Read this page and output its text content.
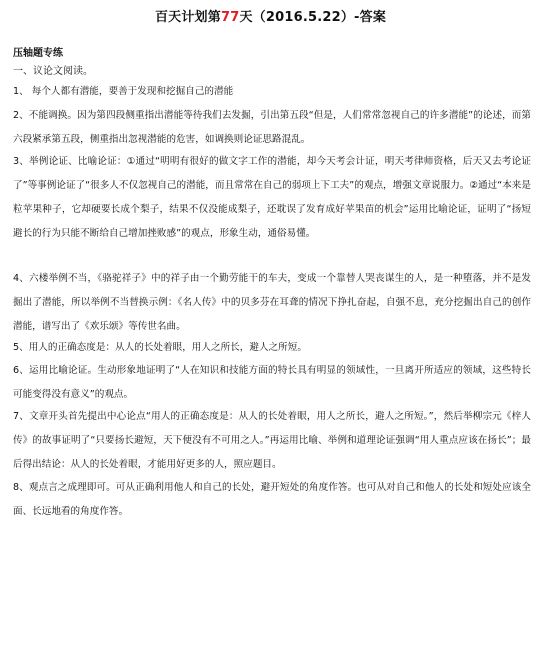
百天计划第77天（2016.5.22）-答案
压轴题专练
一、议论文阅读。
1、 每个人都有潜能，要善于发现和挖掘自己的潜能
2、不能调换。因为第四段侧重指出潜能等待我们去发掘，引出第五段“但是，人们常常忽视自己的许多潜能”的论述，而第六段紧承第五段，侧重指出忽视潜能的危害，如调换则论证思路混乱。
3、举例论证、比喻论证：①通过“明明有很好的做文字工作的潜能，却今天考会计证，明天考律师资格，后天又去考论证了”等事例论证了“很多人不仅忽视自己的潜能，而且常常在自己的弱项上下工夫”的观点，增强文章说服力。②通过“本来是粒苹果种子，它却硬要长成个梨子，结果不仅没能成梨子，还耽误了发育成好苹果苗的机会”运用比喻论证，证明了“扬短避长的行为只能不断给自己增加挫败感”的观点，形象生动，通俗易懂。
4、六楼举例不当，《骆驼祥子》中的祥子由一个勤劳能干的车夫，变成一个靠替人哭丧谋生的人，是一种堕落，并不是发掘出了潜能，所以举例不当替换示例：《名人传》中的贝多芬在耳聋的情况下挣扎奋起，自强不息，充分挖掘出自己的创作潜能，谱写出了《欢乐颂》等传世名曲。
5、用人的正确态度是：从人的长处着眼，用人之所长，避人之所短。
6、运用比喻论证。生动形象地证明了“人在知识和技能方面的特长具有明显的领域性，一旦离开所适应的领域，这些特长可能变得没有意义”的观点。
7、文章开头首先提出中心论点“用人的正确态度是：从人的长处着眼，用人之所长，避人之所短。”，然后举柳宗元《梓人传》的故事证明了“只要扬长避短，天下便没有不可用之人。”再运用比喻、举例和道理论证强调“用人重点应该在扬长”；最后得出结论：从人的长处着眼，才能用好更多的人，照应题目。
8、观点言之成理即可。可从正确利用他人和自己的长处，避开短处的角度作答。也可从对自己和他人的长处和短处应该全面、长远地看的角度作答。
